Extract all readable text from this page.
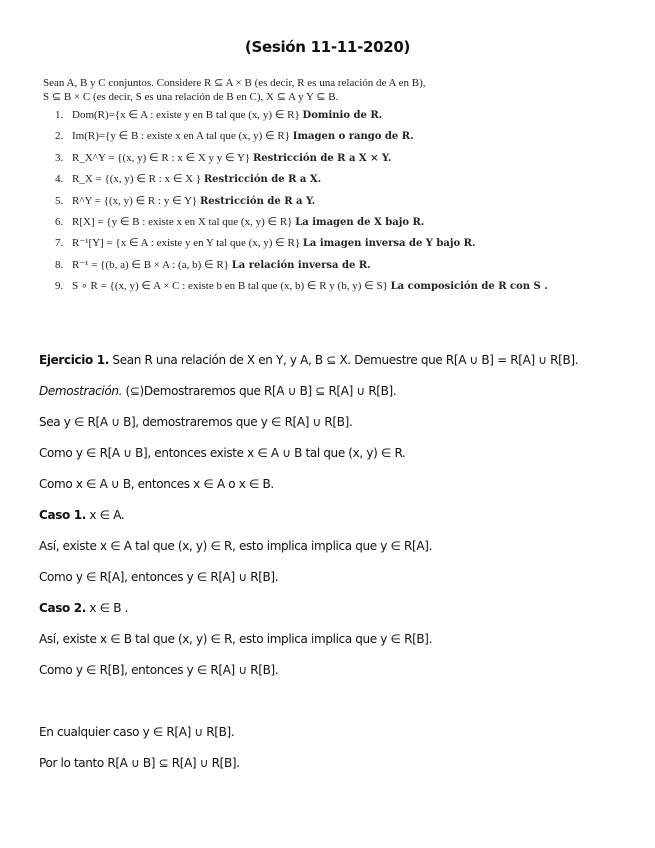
(Sesión 11-11-2020)

Sean A, B y C conjuntos. Considere R ⊆ A × B (es decir, R es una relación de A en B),

S ⊆ B × C (es decir, S es una relación de B en C), X ⊆ A y Y ⊆ B.

1. Dom(R)={x ∈ A : existe y en B tal que (x, y) ∈ R} Dominio de R.
2. Im(R)={y ∈ B : existe x en A tal que (x, y) ∈ R} Imagen o rango de R.
3. R_X^Y = {(x, y) ∈ R : x ∈ X y y ∈ Y} Restricción de R a X × Y.
4. R_X = {(x, y) ∈ R : x ∈ X } Restricción de R a X.
5. R^Y = {(x, y) ∈ R : y ∈ Y} Restricción de R a Y.
6. R[X] = {y ∈ B : existe x en X tal que (x, y) ∈ R} La imagen de X bajo R.
7. R⁻¹[Y] = {x ∈ A : existe y en Y tal que (x, y) ∈ R} La imagen inversa de Y bajo R.
8. R⁻¹ = {(b, a) ∈ B × A : (a, b) ∈ R} La relación inversa de R.
9. S ∘ R = {(x, y) ∈ A × C : existe b en B tal que (x, b) ∈ R y (b, y) ∈ S} La composición de R con S .

Ejercicio 1. Sean R una relación de X en Y, y A, B ⊆ X. Demuestre que R[A ∪ B] = R[A] ∪ R[B].

Demostración. (⊆)Demostraremos que R[A ∪ B] ⊆ R[A] ∪ R[B].

Sea y ∈ R[A ∪ B], demostraremos que y ∈ R[A] ∪ R[B].

Como y ∈ R[A ∪ B], entonces existe x ∈ A ∪ B tal que (x, y) ∈ R.

Como x ∈ A ∪ B, entonces x ∈ A o x ∈ B.

Caso 1. x ∈ A.

Así, existe x ∈ A tal que (x, y) ∈ R, esto implica implica que y ∈ R[A].

Como y ∈ R[A], entonces y ∈ R[A] ∪ R[B].

Caso 2. x ∈ B .

Así, existe x ∈ B tal que (x, y) ∈ R, esto implica implica que y ∈ R[B].

Como y ∈ R[B], entonces y ∈ R[A] ∪ R[B].

En cualquier caso y ∈ R[A] ∪ R[B].

Por lo tanto R[A ∪ B] ⊆ R[A] ∪ R[B].
